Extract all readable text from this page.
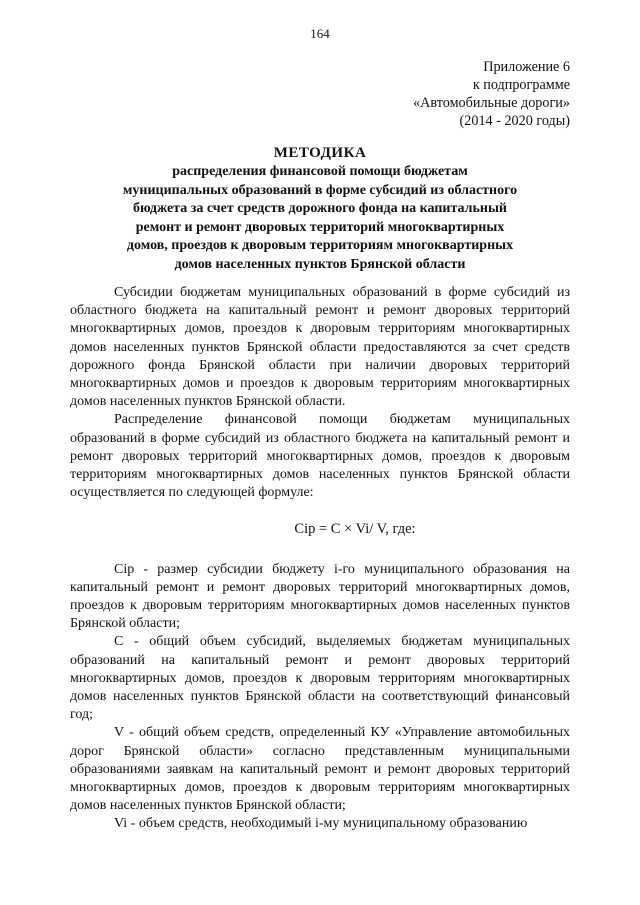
164
Приложение 6
к подпрограмме
«Автомобильные дороги»
(2014 - 2020 годы)
МЕТОДИКА
распределения финансовой помощи бюджетам
муниципальных образований в форме субсидий из областного
бюджета за счет средств дорожного фонда на капитальный
ремонт и ремонт дворовых территорий многоквартирных
домов, проездов к дворовым территориям многоквартирных
домов населенных пунктов Брянской области

Субсидии бюджетам муниципальных образований в форме субсидий из областного бюджета на капитальный ремонт и ремонт дворовых территорий многоквартирных домов, проездов к дворовым территориям многоквартирных домов населенных пунктов Брянской области предоставляются за счет средств дорожного фонда Брянской области при наличии дворовых территорий многоквартирных домов и проездов к дворовым территориям многоквартирных домов населенных пунктов Брянской области.

Распределение финансовой помощи бюджетам муниципальных образований в форме субсидий из областного бюджета на капитальный ремонт и ремонт дворовых территорий многоквартирных домов, проездов к дворовым территориям многоквартирных домов населенных пунктов Брянской области осуществляется по следующей формуле:

Сip = C × Vi/ V, где:

Сip - размер субсидии бюджету i-го муниципального образования на капитальный ремонт и ремонт дворовых территорий многоквартирных домов, проездов к дворовым территориям многоквартирных домов населенных пунктов Брянской области;

С - общий объем субсидий, выделяемых бюджетам муниципальных образований на капитальный ремонт и ремонт дворовых территорий многоквартирных домов, проездов к дворовым территориям многоквартирных домов населенных пунктов Брянской области на соответствующий финансовый год;

V - общий объем средств, определенный КУ «Управление автомобильных дорог Брянской области» согласно представленным муниципальными образованиями заявкам на капитальный ремонт и ремонт дворовых территорий многоквартирных домов, проездов к дворовым территориям многоквартирных домов населенных пунктов Брянской области;

Vi - объем средств, необходимый i-му муниципальному образованию
